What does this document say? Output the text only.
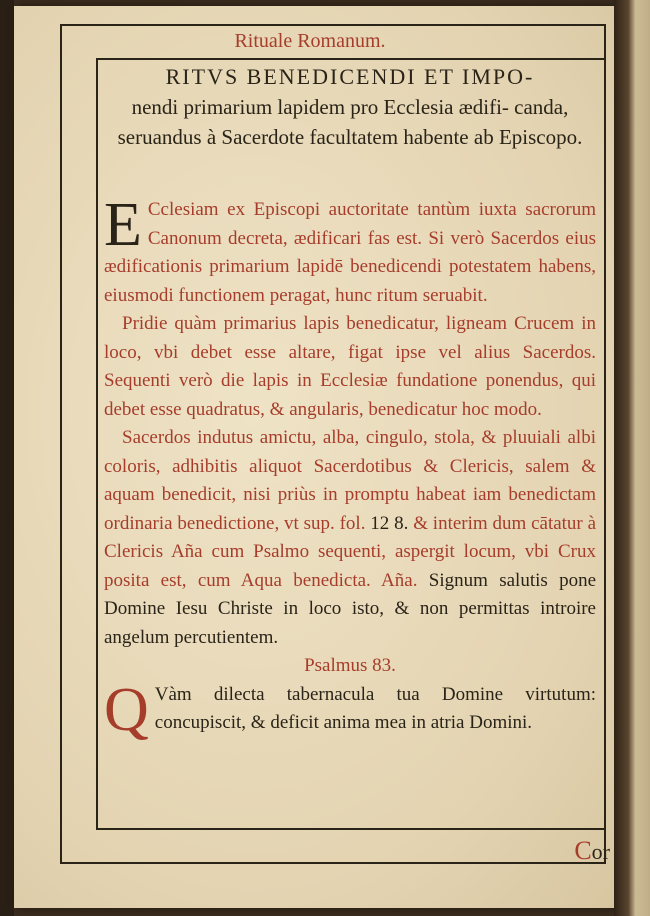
Rituale Romanum.
RITVS BENEDICENDI ET IMPO-
nendi primarium lapidem pro Ecclesia ædifi- canda, seruandus à Sacerdote facultatem habente ab Episcopo.

E Cclesiam ex Episcopi auctoritate tantùm iuxta sacrorum Canonum decreta, ædificari fas est. Si verò Sacerdos eius ædificationis primarium lapidē benedicendi potestatem habens, eiusmodi functionem peragat, hunc ritum seruabit.

Pridie quàm primarius lapis benedicatur, ligneam Crucem in loco, vbi debet esse altare, figat ipse vel alius Sacerdos. Sequenti verò die lapis in Ecclesiæ fundatione ponendus, qui debet esse quadratus, & angularis, benedicatur hoc modo.

Sacerdos indutus amictu, alba, cingulo, stola, & pluuiali albi coloris, adhibitis aliquot Sacerdotibus & Clericis, salem & aquam benedicit, nisi priùs in promptu habeat iam benedictam ordinaria benedictione, vt sup. fol. 12 8. & interim dum cātatur à Clericis Aña cum Psalmo sequenti, aspergit locum, vbi Crux posita est, cum Aqua benedicta. Aña. Signum salutis pone Domine Iesu Christe in loco isto, & non permittas introire angelum percutientem.

Psalmus 83.

Q Vàm dilecta tabernacula tua Domine virtutum: concupiscit, & deficit anima mea in atria Domini.

Cor
